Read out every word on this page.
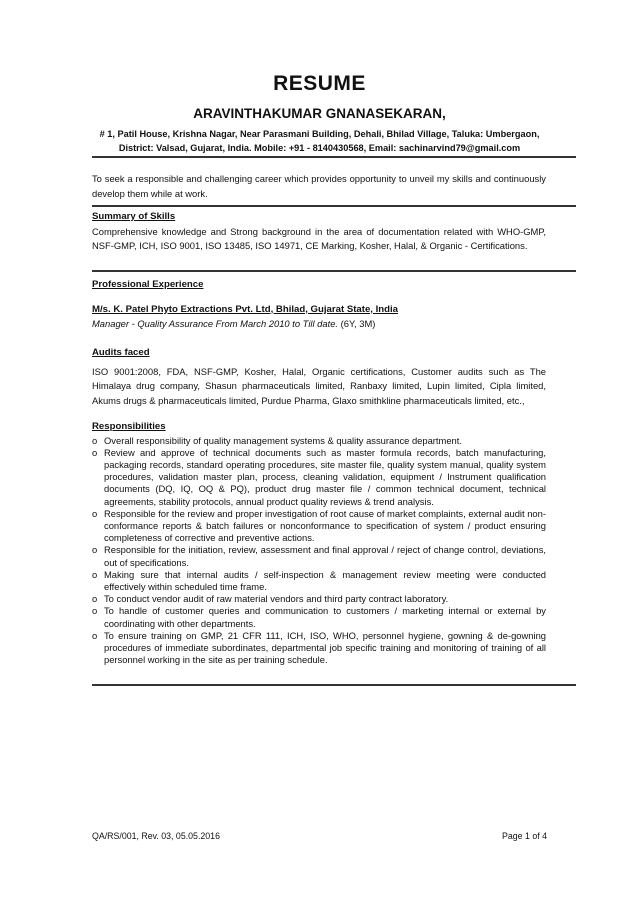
RESUME
ARAVINTHAKUMAR GNANASEKARAN,
# 1, Patil House, Krishna Nagar, Near Parasmani Building, Dehali, Bhilad Village, Taluka: Umbergaon,
District: Valsad, Gujarat, India. Mobile: +91 - 8140430568, Email: sachinarvind79@gmail.com
To seek a responsible and challenging career which provides opportunity to unveil my skills and continuously develop them while at work.
Summary of Skills
Comprehensive knowledge and Strong background in the area of documentation related with WHO-GMP, NSF-GMP, ICH, ISO 9001, ISO 13485, ISO 14971, CE Marking, Kosher, Halal, & Organic - Certifications.
Professional Experience
M/s. K. Patel Phyto Extractions Pvt. Ltd, Bhilad, Gujarat State, India
Manager - Quality Assurance From March 2010 to Till date. (6Y, 3M)
Audits faced
ISO 9001:2008, FDA, NSF-GMP, Kosher, Halal, Organic certifications, Customer audits such as The Himalaya drug company, Shasun pharmaceuticals limited, Ranbaxy limited, Lupin limited, Cipla limited, Akums drugs & pharmaceuticals limited, Purdue Pharma, Glaxo smithkline pharmaceuticals limited, etc.,
Responsibilities
o Overall responsibility of quality management systems & quality assurance department.
o Review and approve of technical documents such as master formula records, batch manufacturing, packaging records, standard operating procedures, site master file, quality system manual, quality system procedures, validation master plan, process, cleaning validation, equipment / Instrument qualification documents (DQ, IQ, OQ & PQ), product drug master file / common technical document, technical agreements, stability protocols, annual product quality reviews & trend analysis.
o Responsible for the review and proper investigation of root cause of market complaints, external audit non-conformance reports & batch failures or nonconformance to specification of system / product ensuring completeness of corrective and preventive actions.
o Responsible for the initiation, review, assessment and final approval / reject of change control, deviations, out of specifications.
o Making sure that internal audits / self-inspection & management review meeting were conducted effectively within scheduled time frame.
o To conduct vendor audit of raw material vendors and third party contract laboratory.
o To handle of customer queries and communication to customers / marketing internal or external by coordinating with other departments.
o To ensure training on GMP, 21 CFR 111, ICH, ISO, WHO, personnel hygiene, gowning & de-gowning procedures of immediate subordinates, departmental job specific training and monitoring of training of all personnel working in the site as per training schedule.
QA/RS/001, Rev. 03, 05.05.2016	Page 1 of 4
